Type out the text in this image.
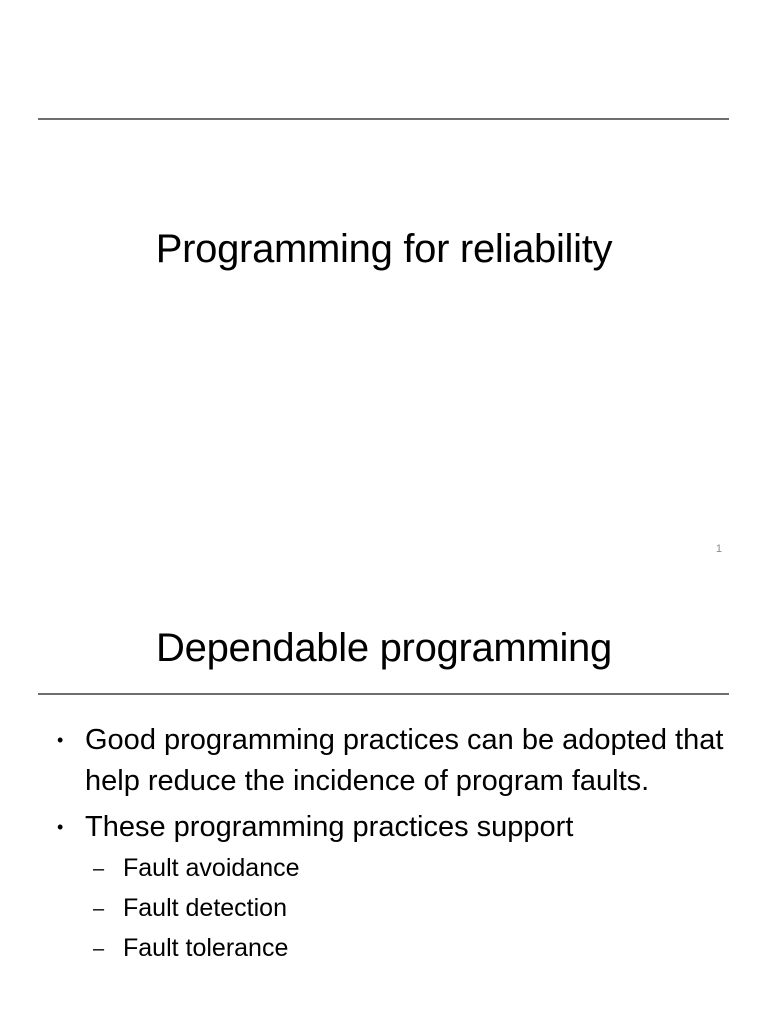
Programming for reliability
1
Dependable programming
• Good programming practices can be adopted that help reduce the incidence of program faults.
• These programming practices support
– Fault avoidance
– Fault detection
– Fault tolerance
